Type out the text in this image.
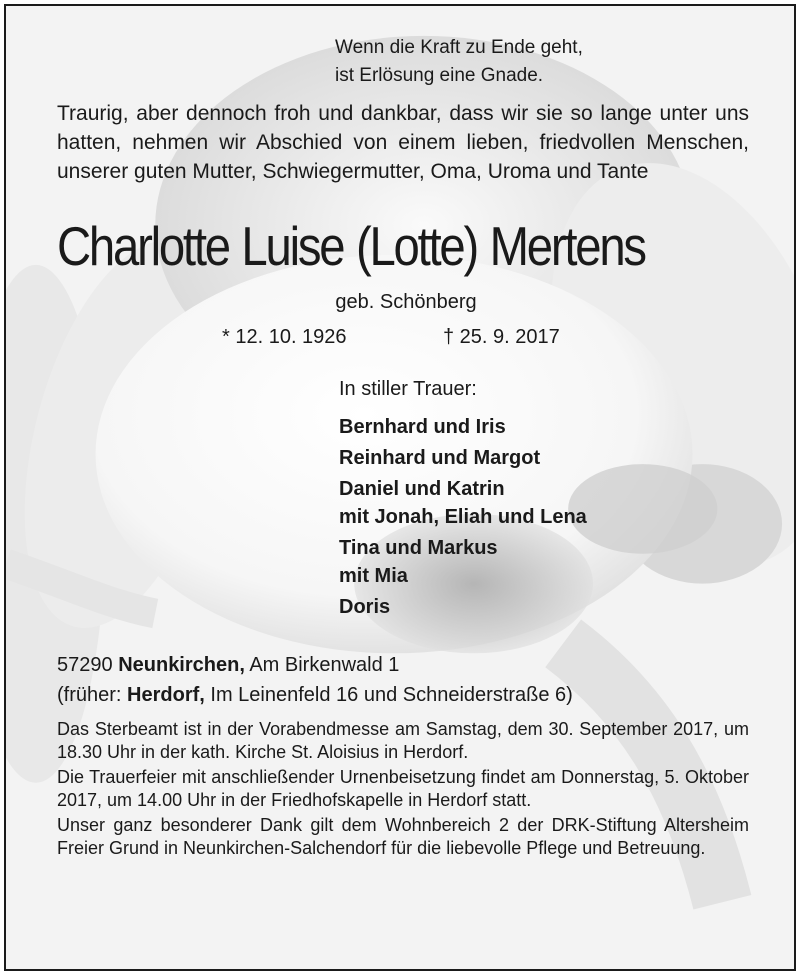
Wenn die Kraft zu Ende geht,
ist Erlösung eine Gnade.

Traurig, aber dennoch froh und dankbar, dass wir sie so lange unter uns hatten, nehmen wir Abschied von einem lieben, friedvollen Menschen, unserer guten Mutter, Schwiegermutter, Oma, Uroma und Tante

Charlotte Luise (Lotte) Mertens

geb. Schönberg

* 12. 10. 1926	† 25. 9. 2017

In stiller Trauer:

Bernhard und Iris
Reinhard und Margot
Daniel und Katrin
mit Jonah, Eliah und Lena
Tina und Markus
mit Mia
Doris
57290 Neunkirchen, Am Birkenwald 1
(früher: Herdorf, Im Leinenfeld 16 und Schneiderstraße 6)

Das Sterbeamt ist in der Vorabendmesse am Samstag, dem 30. September 2017, um 18.30 Uhr in der kath. Kirche St. Aloisius in Herdorf.

Die Trauerfeier mit anschließender Urnenbeisetzung findet am Donnerstag, 5. Oktober 2017, um 14.00 Uhr in der Friedhofskapelle in Herdorf statt.

Unser ganz besonderer Dank gilt dem Wohnbereich 2 der DRK-Stiftung Altersheim Freier Grund in Neunkirchen-Salchendorf für die liebevolle Pflege und Betreuung.
